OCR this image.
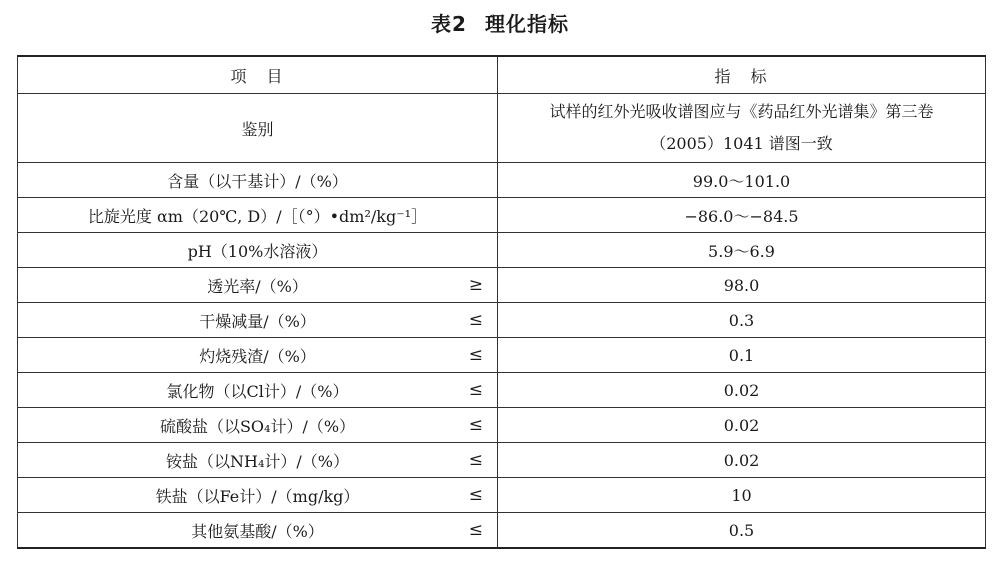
表2 理化指标
项　目	指　标
鉴别	试样的红外光吸收谱图应与《药品红外光谱集》第三卷
（2005）1041 谱图一致

含量（以干基计）/（%）	99.0～101.0
比旋光度 αm（20℃, D）/［（°）•dm²/kg⁻¹］	−86.0～−84.5
pH（10%水溶液）	5.9～6.9
透光率/（%） ≥	98.0
干燥减量/（%） ≤	0.3
灼烧残渣/（%） ≤	0.1
氯化物（以Cl计）/（%） ≤	0.02
硫酸盐（以SO₄计）/（%） ≤	0.02
铵盐（以NH₄计）/（%） ≤	0.02
铁盐（以Fe计）/（mg/kg） ≤	10
其他氨基酸/（%） ≤	0.5
